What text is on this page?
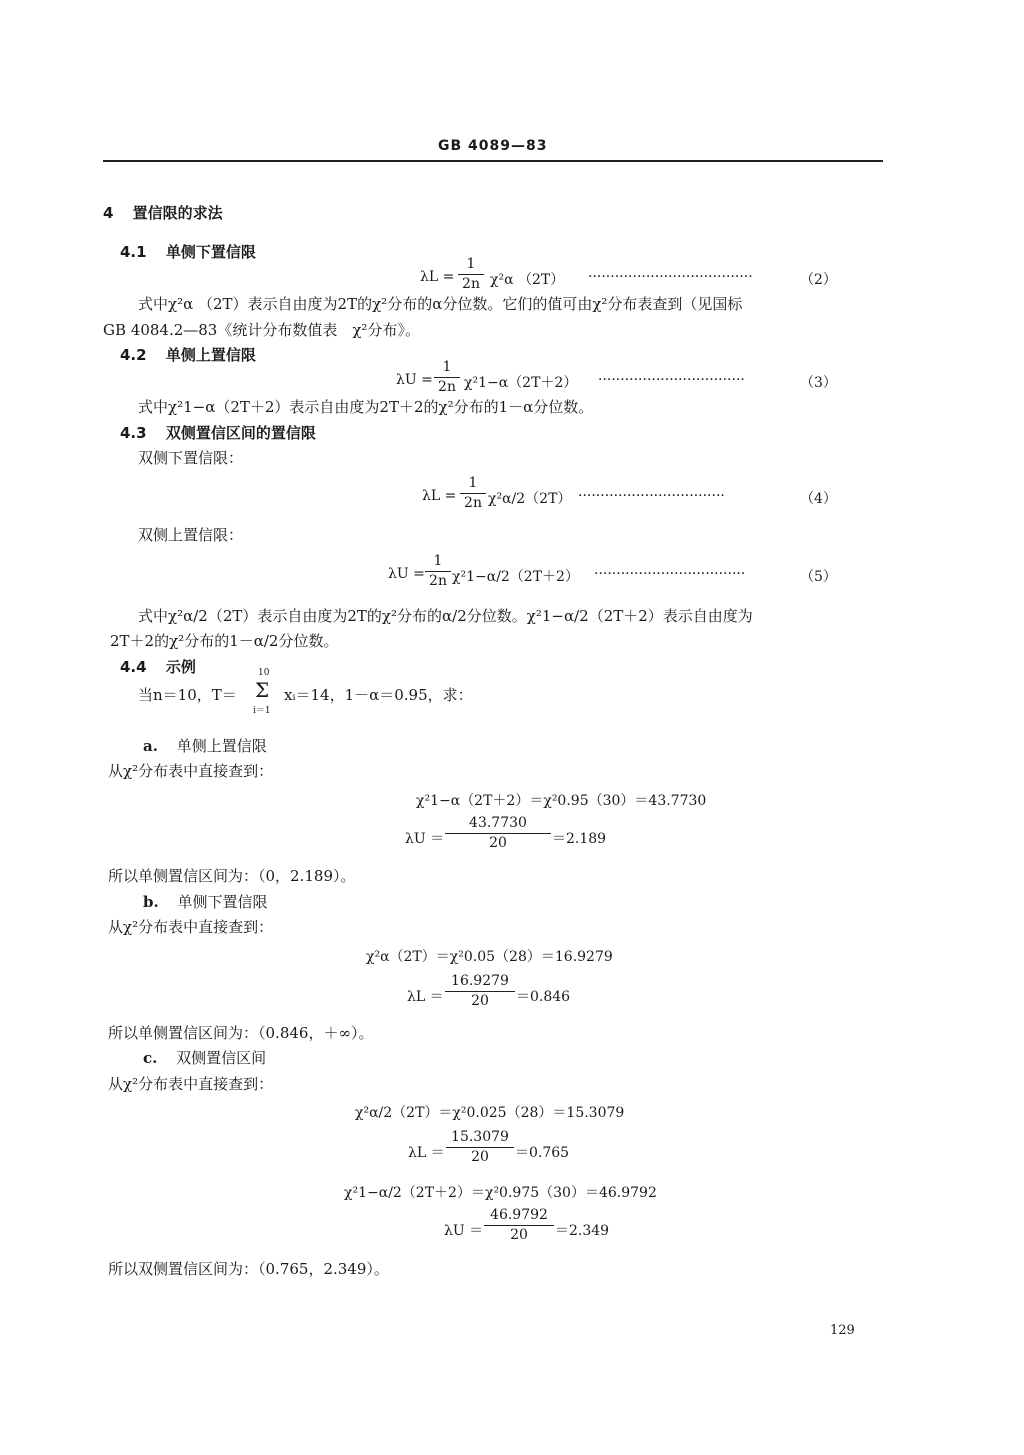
GB 4089—83
4 置信限的求法
4.1 单侧下置信限
λL =
1
2n χ²α （2T） ·····································	（2）
式中χ²α （2T）表示自由度为2T的χ²分布的α分位数。它们的值可由χ²分布表查到（见国标
GB 4084.2—83《统计分布数值表　χ²分布》。
4.2 单侧上置信限
λU =
1
2n χ²1−α（2T＋2） ·································	（3）
式中χ²1−α（2T＋2）表示自由度为2T＋2的χ²分布的1－α分位数。
4.3 双侧置信区间的置信限
双侧下置信限：
λL =
1
2n χ²α/2（2T） ·································	（4）
双侧上置信限：
λU =
1
2n χ²1−α/2（2T＋2） ··································	（5）
式中χ²α/2（2T）表示自由度为2T的χ²分布的α/2分位数。χ²1−α/2（2T＋2）表示自由度为
2T＋2的χ²分布的1－α/2分位数。
4.4 示例
当n＝10，T＝
10
Σ
i＝1
xᵢ＝14，1－α＝0.95，求：
a. 单侧上置信限
从χ²分布表中直接查到：
χ²1−α（2T＋2）＝χ²0.95（30）＝43.7730
λU ＝
43.7730
20	＝2.189
所以单侧置信区间为：（0，2.189）。
b. 单侧下置信限
从χ²分布表中直接查到：
χ²α（2T）＝χ²0.05（28）＝16.9279
λL ＝
16.9279
20	＝0.846
所以单侧置信区间为：（0.846，＋∞）。
c. 双侧置信区间
从χ²分布表中直接查到：
χ²α/2（2T）＝χ²0.025（28）＝15.3079
λL ＝
15.3079
20	＝0.765
χ²1−α/2（2T＋2）＝χ²0.975（30）＝46.9792
λU ＝
46.9792
20	＝2.349
所以双侧置信区间为：（0.765，2.349）。
129
